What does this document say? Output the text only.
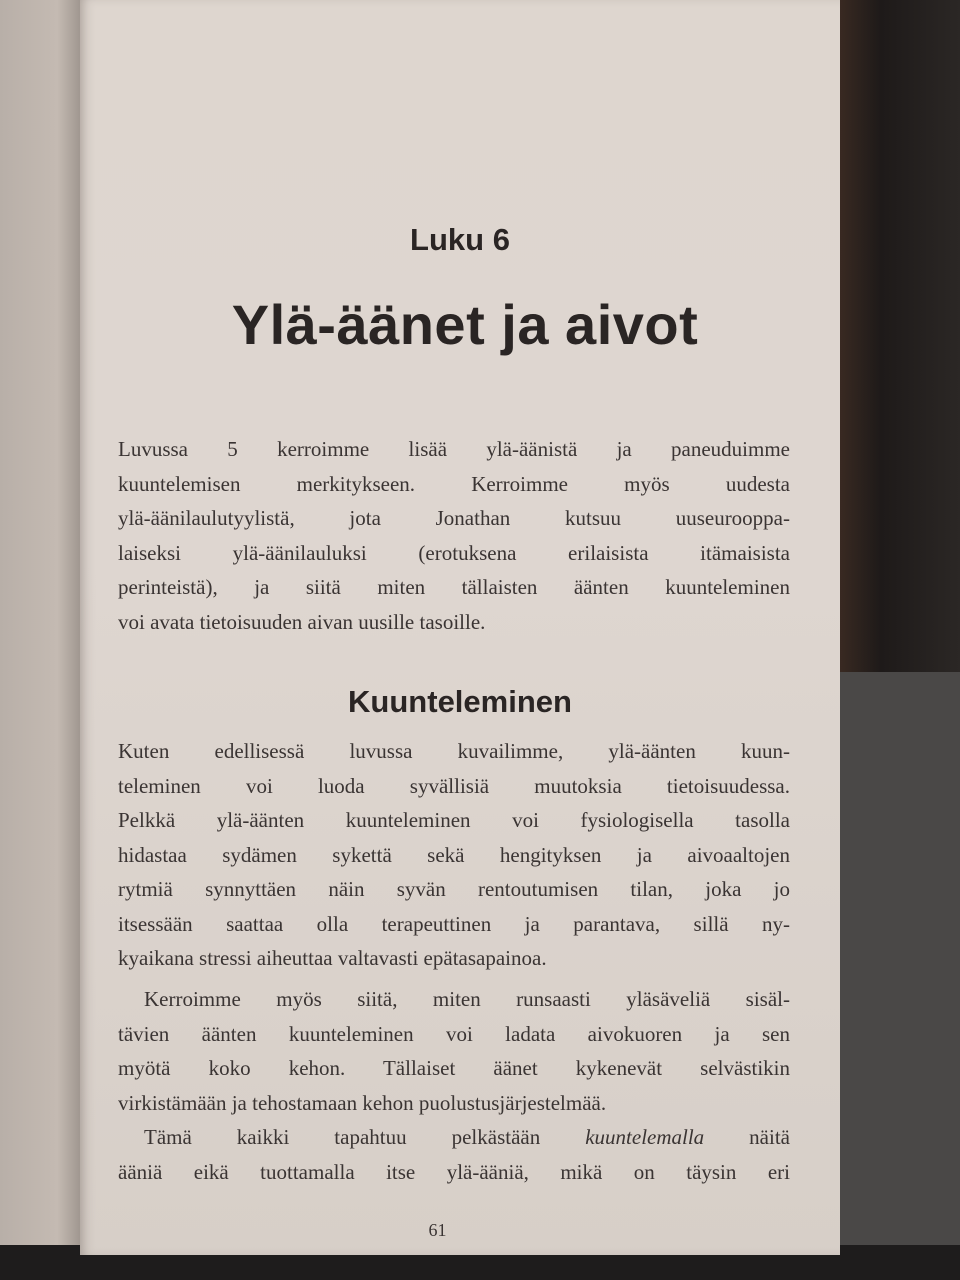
Luku 6
Ylä-äänet ja aivot
Luvussa 5 kerroimme lisää ylä-äänistä ja paneuduimme
kuuntelemisen merkitykseen. Kerroimme myös uudesta
ylä-äänilaulutyylistä, jota Jonathan kutsuu uuseurooppa-
laiseksi ylä-äänilauluksi (erotuksena erilaisista itämaisista
perinteistä), ja siitä miten tällaisten äänten kuunteleminen
voi avata tietoisuuden aivan uusille tasoille.
Kuunteleminen
Kuten edellisessä luvussa kuvailimme, ylä-äänten kuun-
teleminen voi luoda syvällisiä muutoksia tietoisuudessa.
Pelkkä ylä-äänten kuunteleminen voi fysiologisella tasolla
hidastaa sydämen sykettä sekä hengityksen ja aivoaaltojen
rytmiä synnyttäen näin syvän rentoutumisen tilan, joka jo
itsessään saattaa olla terapeuttinen ja parantava, sillä ny-
kyaikana stressi aiheuttaa valtavasti epätasapainoa.
Kerroimme myös siitä, miten runsaasti yläsäveliä sisäl-
tävien äänten kuunteleminen voi ladata aivokuoren ja sen
myötä koko kehon. Tällaiset äänet kykenevät selvästikin
virkistämään ja tehostamaan kehon puolustusjärjestelmää.
Tämä kaikki tapahtuu pelkästään kuuntelemalla näitä
ääniä eikä tuottamalla itse ylä-ääniä, mikä on täysin eri
61
